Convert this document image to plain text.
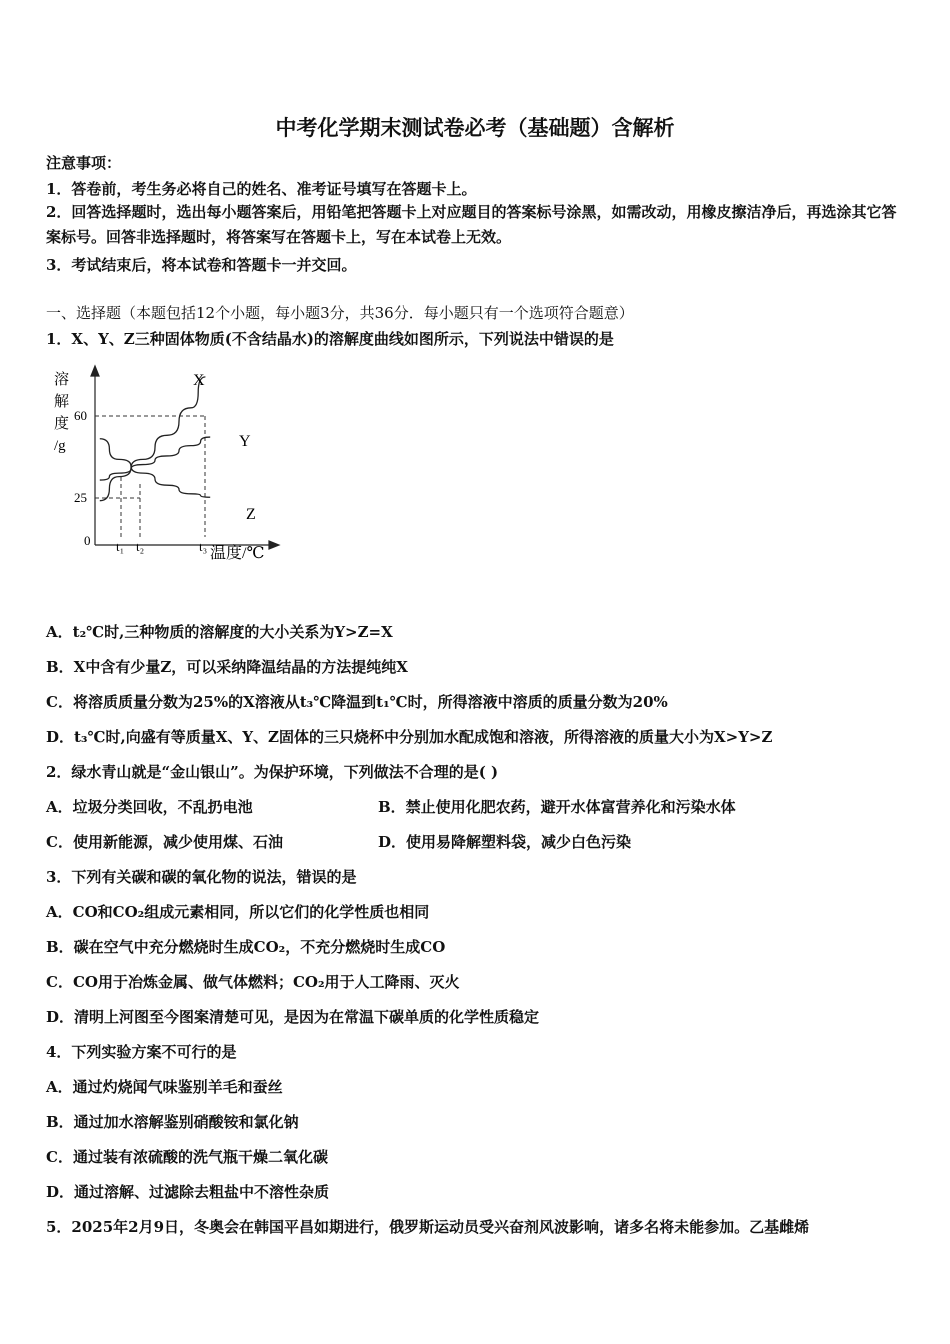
中考化学期末测试卷必考（基础题）含解析
注意事项：
1．答卷前，考生务必将自己的姓名、准考证号填写在答题卡上。
2．回答选择题时，选出每小题答案后，用铅笔把答题卡上对应题目的答案标号涂黑，如需改动，用橡皮擦洁净后，再选涂其它答案标号。回答非选择题时，将答案写在答题卡上，写在本试卷上无效。
3．考试结束后，将本试卷和答题卡一并交回。
一、选择题（本题包括12个小题，每小题3分，共36分．每小题只有一个选项符合题意）
1．X、Y、Z三种固体物质(不含结晶水)的溶解度曲线如图所示，下列说法中错误的是
溶
解
度
/g
60
25
0 t₁ t₂	t₃ 温度/℃
X
Y
Z
A．t₂℃时,三种物质的溶解度的大小关系为Y>Z=X
B．X中含有少量Z，可以采纳降温结晶的方法提纯纯X
C．将溶质质量分数为25%的X溶液从t₃℃降温到t₁℃时，所得溶液中溶质的质量分数为20%
D．t₃℃时,向盛有等质量X、Y、Z固体的三只烧杯中分别加水配成饱和溶液，所得溶液的质量大小为X>Y>Z
2．绿水青山就是“金山银山”。为保护环境，下列做法不合理的是( )
A．垃圾分类回收，不乱扔电池	B．禁止使用化肥农药，避开水体富营养化和污染水体
C．使用新能源，减少使用煤、石油	D．使用易降解塑料袋，减少白色污染
3．下列有关碳和碳的氧化物的说法，错误的是
A．CO和CO₂组成元素相同，所以它们的化学性质也相同
B．碳在空气中充分燃烧时生成CO₂，不充分燃烧时生成CO
C．CO用于冶炼金属、做气体燃料；CO₂用于人工降雨、灭火
D．清明上河图至今图案清楚可见，是因为在常温下碳单质的化学性质稳定
4．下列实验方案不可行的是
A．通过灼烧闻气味鉴别羊毛和蚕丝
B．通过加水溶解鉴别硝酸铵和氯化钠
C．通过装有浓硫酸的洗气瓶干燥二氧化碳
D．通过溶解、过滤除去粗盐中不溶性杂质
5．2025年2月9日，冬奥会在韩国平昌如期进行，俄罗斯运动员受兴奋剂风波影响，诸多名将未能参加。乙基雌烯
